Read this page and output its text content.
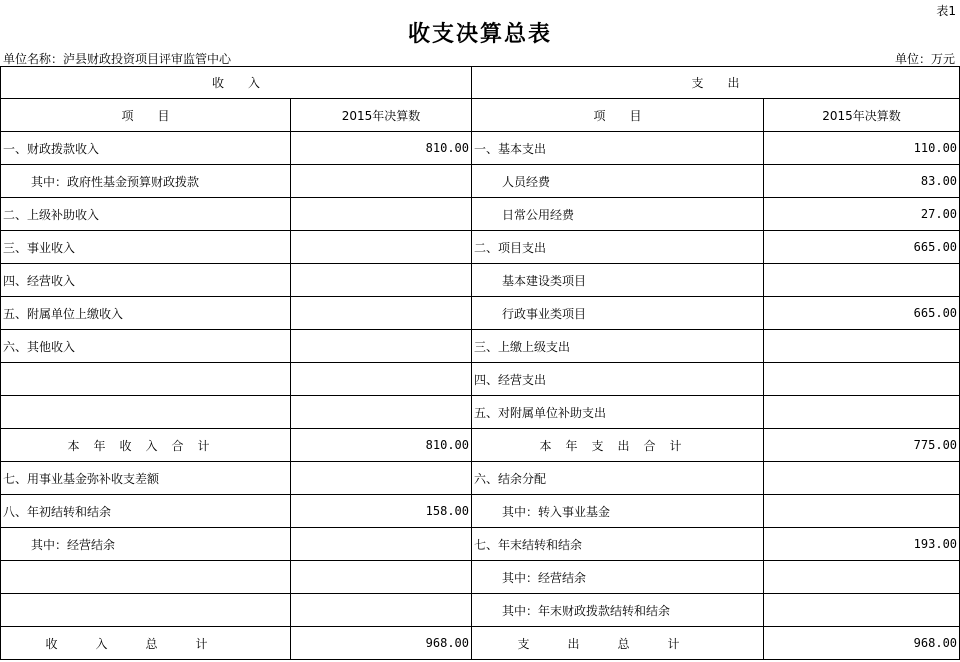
表1
收支决算总表
单位名称：泸县财政投资项目评审监管中心	单位：万元
收　　入		支　　出	
项　　目	2015年决算数	项　　目	2015年决算数
一、财政拨款收入	810.00	一、基本支出	110.00
其中：政府性基金预算财政拨款		人员经费	83.00
二、上级补助收入		日常公用经费	27.00
三、事业收入		二、项目支出	665.00
四、经营收入		基本建设类项目	
五、附属单位上缴收入		行政事业类项目	665.00
六、其他收入		三、上缴上级支出	
		四、经营支出	
		五、对附属单位补助支出	
本年收入合计	810.00	本年支出合计	775.00
七、用事业基金弥补收支差额		六、结余分配	
八、年初结转和结余	158.00	其中：转入事业基金	
其中：经营结余		七、年末结转和结余	193.00
		其中：经营结余	
		其中：年末财政拨款结转和结余	
收入总计	968.00	支出总计	968.00
